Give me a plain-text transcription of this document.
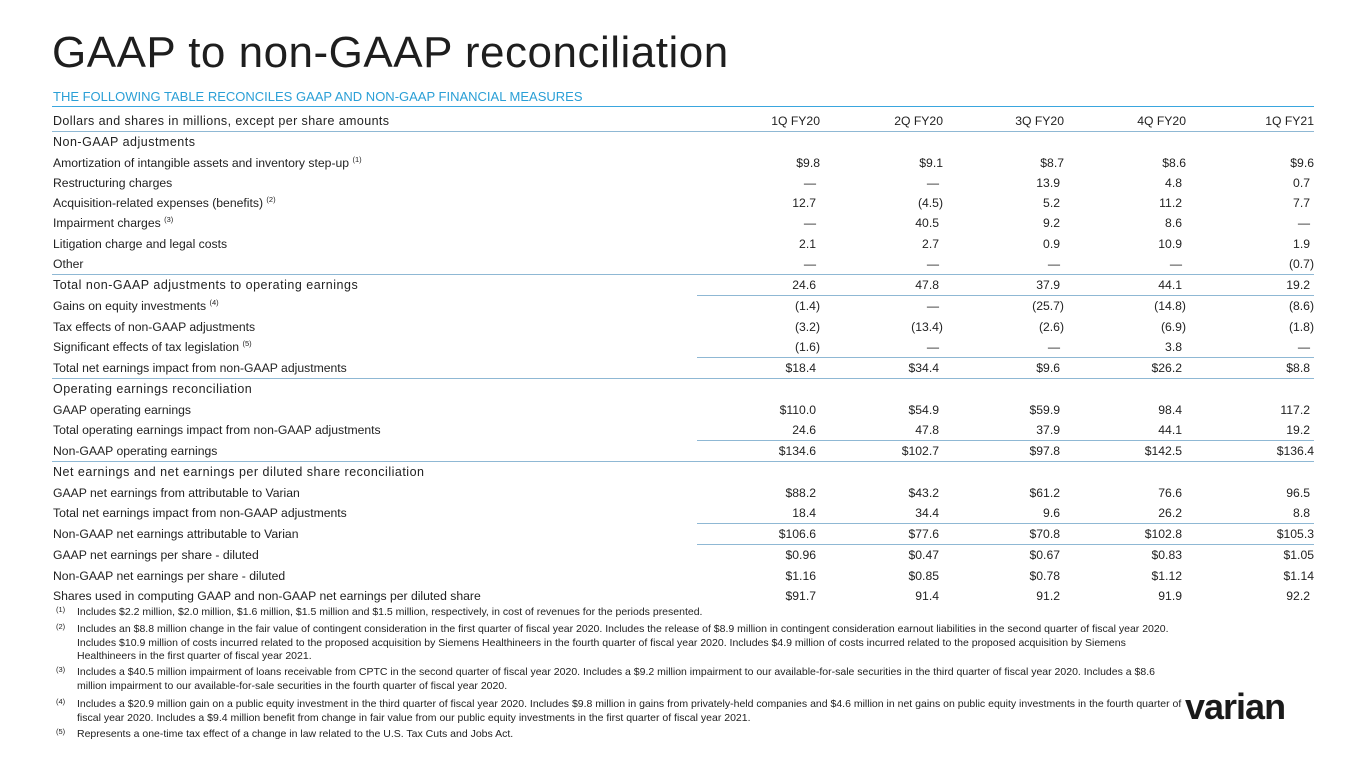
GAAP to non-GAAP reconciliation
THE FOLLOWING TABLE RECONCILES GAAP AND NON-GAAP FINANCIAL MEASURES
Dollars and shares in millions, except per share amounts	1Q FY20	2Q FY20	3Q FY20	4Q FY20	1Q FY21
Non-GAAP adjustments					
Amortization of intangible assets and inventory step-up $^{(1)}$	$9.8	$9.1	$8.7	$8.6	$9.6
Restructuring charges	—	—	13.9	4.8	0.7
Acquisition-related expenses (benefits) $^{(2)}$	12.7	(4.5)	5.2	11.2	7.7
Impairment charges $^{(3)}$	—	40.5	9.2	8.6	—
Litigation charge and legal costs	2.1	2.7	0.9	10.9	1.9
Other	—	—	—	—	(0.7)
Total non-GAAP adjustments to operating earnings	24.6	47.8	37.9	44.1	19.2
Gains on equity investments $^{(4)}$	(1.4)	—	(25.7)	(14.8)	(8.6)
Tax effects of non-GAAP adjustments	(3.2)	(13.4)	(2.6)	(6.9)	(1.8)
Significant effects of tax legislation $^{(5)}$	(1.6)	—	—	3.8	—
Total net earnings impact from non-GAAP adjustments	$18.4	$34.4	$9.6	$26.2	$8.8
Operating earnings reconciliation					
GAAP operating earnings	$110.0	$54.9	$59.9	98.4	117.2
Total operating earnings impact from non-GAAP adjustments	24.6	47.8	37.9	44.1	19.2
Non-GAAP operating earnings	$134.6	$102.7	$97.8	$142.5	$136.4
Net earnings and net earnings per diluted share reconciliation					
GAAP net earnings from attributable to Varian	$88.2	$43.2	$61.2	76.6	96.5
Total net earnings impact from non-GAAP adjustments	18.4	34.4	9.6	26.2	8.8
Non-GAAP net earnings attributable to Varian	$106.6	$77.6	$70.8	$102.8	$105.3
GAAP net earnings per share - diluted	$0.96	$0.47	$0.67	$0.83	$1.05
Non-GAAP net earnings per share - diluted	$1.16	$0.85	$0.78	$1.12	$1.14
Shares used in computing GAAP and non-GAAP net earnings per diluted share	$91.7	91.4	91.2	91.9	92.2
(1) Includes $2.2 million, $2.0 million, $1.6 million, $1.5 million and $1.5 million, respectively, in cost of revenues for the periods presented.
(2) Includes an $8.8 million change in the fair value of contingent consideration in the first quarter of fiscal year 2020. Includes the release of $8.9 million in contingent consideration earnout liabilities in the second quarter of fiscal year 2020. Includes $10.9 million of costs incurred related to the proposed acquisition by Siemens Healthineers in the fourth quarter of fiscal year 2020. Includes $4.9 million of costs incurred related to the proposed acquisition by Siemens Healthineers in the first quarter of fiscal year 2021.
(3) Includes a $40.5 million impairment of loans receivable from CPTC in the second quarter of fiscal year 2020. Includes a $9.2 million impairment to our available-for-sale securities in the third quarter of fiscal year 2020. Includes a $8.6 million impairment to our available-for-sale securities in the fourth quarter of fiscal year 2020.
(4) Includes a $20.9 million gain on a public equity investment in the third quarter of fiscal year 2020. Includes $9.8 million in gains from privately-held companies and $4.6 million in net gains on public equity investments in the fourth quarter of fiscal year 2020. Includes a $9.4 million benefit from change in fair value from our public equity investments in the first quarter of fiscal year 2021.
(5) Represents a one-time tax effect of a change in law related to the U.S. Tax Cuts and Jobs Act.
varian
